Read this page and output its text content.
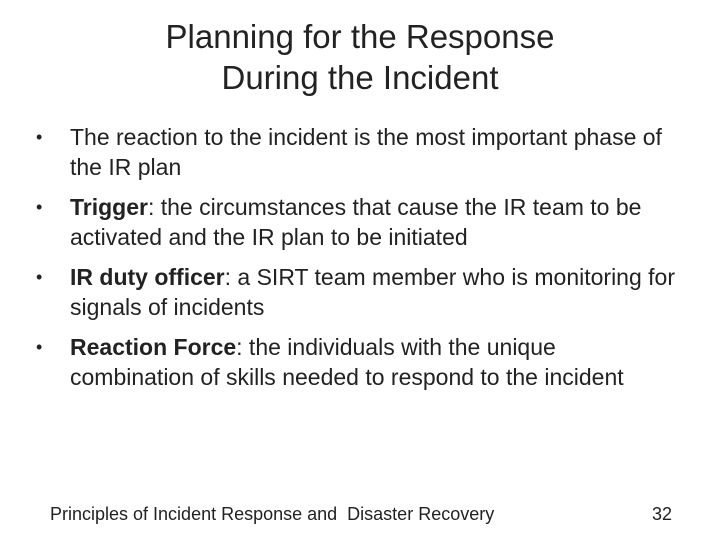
Planning for the Response
During the Incident
•	The reaction to the incident is the most important phase of the IR plan
•	Trigger: the circumstances that cause the IR team to be activated and the IR plan to be initiated
•	IR duty officer: a SIRT team member who is monitoring for signals of incidents
•	Reaction Force: the individuals with the unique combination of skills needed to respond to the incident
Principles of Incident Response and  Disaster Recovery	32
